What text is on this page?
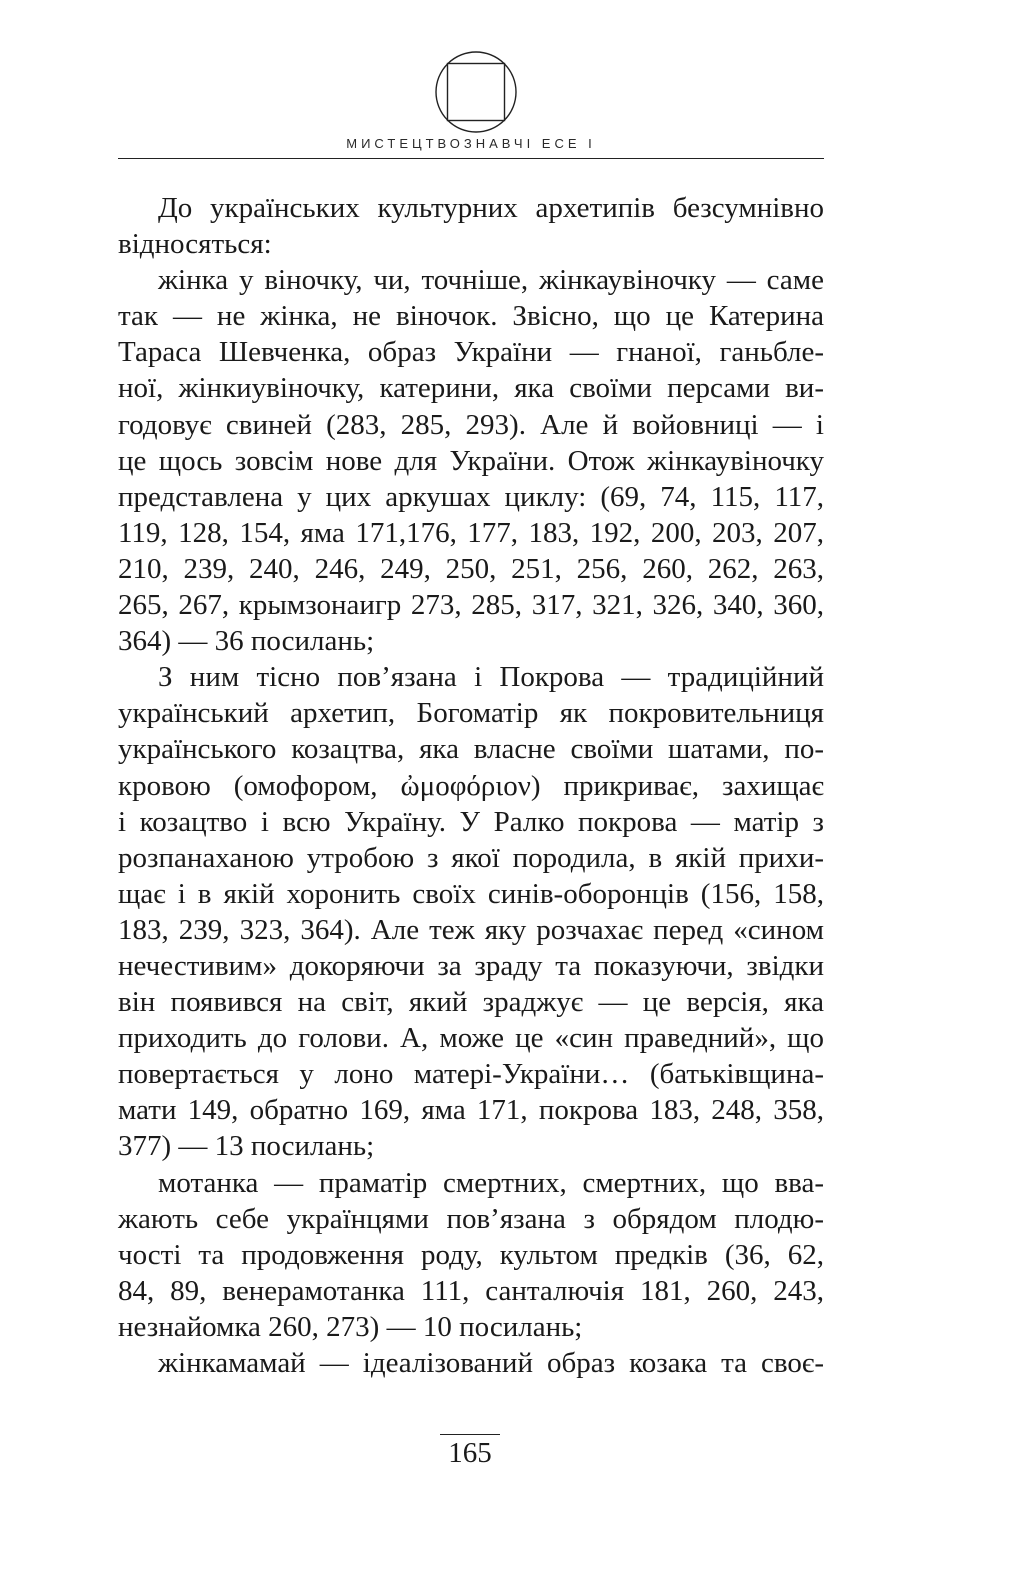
МИСТЕЦТВОЗНАВЧІ ЕСЕ І
До українських культурних архетипів безсумнівно
відносяться:
жінка у віночку, чи, точніше, жінкаувіночку — саме
так — не жінка, не віночок. Звісно, що це Катерина
Тараса Шевченка, образ України — гнаної, ганьбле-
ної, жінкиувіночку, катерини, яка своїми персами ви-
годовує свиней (283, 285, 293). Але й войовниці — і
це щось зовсім нове для України. Отож жінкаувіночку
представлена у цих аркушах циклу: (69, 74, 115, 117,
119, 128, 154, яма 171,176, 177, 183, 192, 200, 203, 207,
210, 239, 240, 246, 249, 250, 251, 256, 260, 262, 263,
265, 267, крымзонаигр 273, 285, 317, 321, 326, 340, 360,
364) — 36 посилань;
З ним тісно пов’язана і Покрова — традиційний
український архетип, Богоматір як покровительниця
українського козацтва, яка власне своїми шатами, по-
кровою (омофором, ὠμοφόριον) прикриває, захищає
і козацтво і всю Україну. У Ралко покрова — матір з
розпанаханою утробою з якої породила, в якій прихи-
щає і в якій хоронить своїх синів-оборонців (156, 158,
183, 239, 323, 364). Але теж яку розчахає перед «сином
нечестивим» докоряючи за зраду та показуючи, звідки
він появився на світ, який зраджує — це версія, яка
приходить до голови. А, може це «син праведний», що
повертається у лоно матері-України… (батьківщина-
мати 149, обратно 169, яма 171, покрова 183, 248, 358,
377) — 13 посилань;
мотанка — праматір смертних, смертних, що вва-
жають себе українцями пов’язана з обрядом плодю-
чості та продовження роду, культом предків (36, 62,
84, 89, венерамотанка 111, санталючія 181, 260, 243,
незнайомка 260, 273) — 10 посилань;
жінкамамай — ідеалізований образ козака та своє-
165
